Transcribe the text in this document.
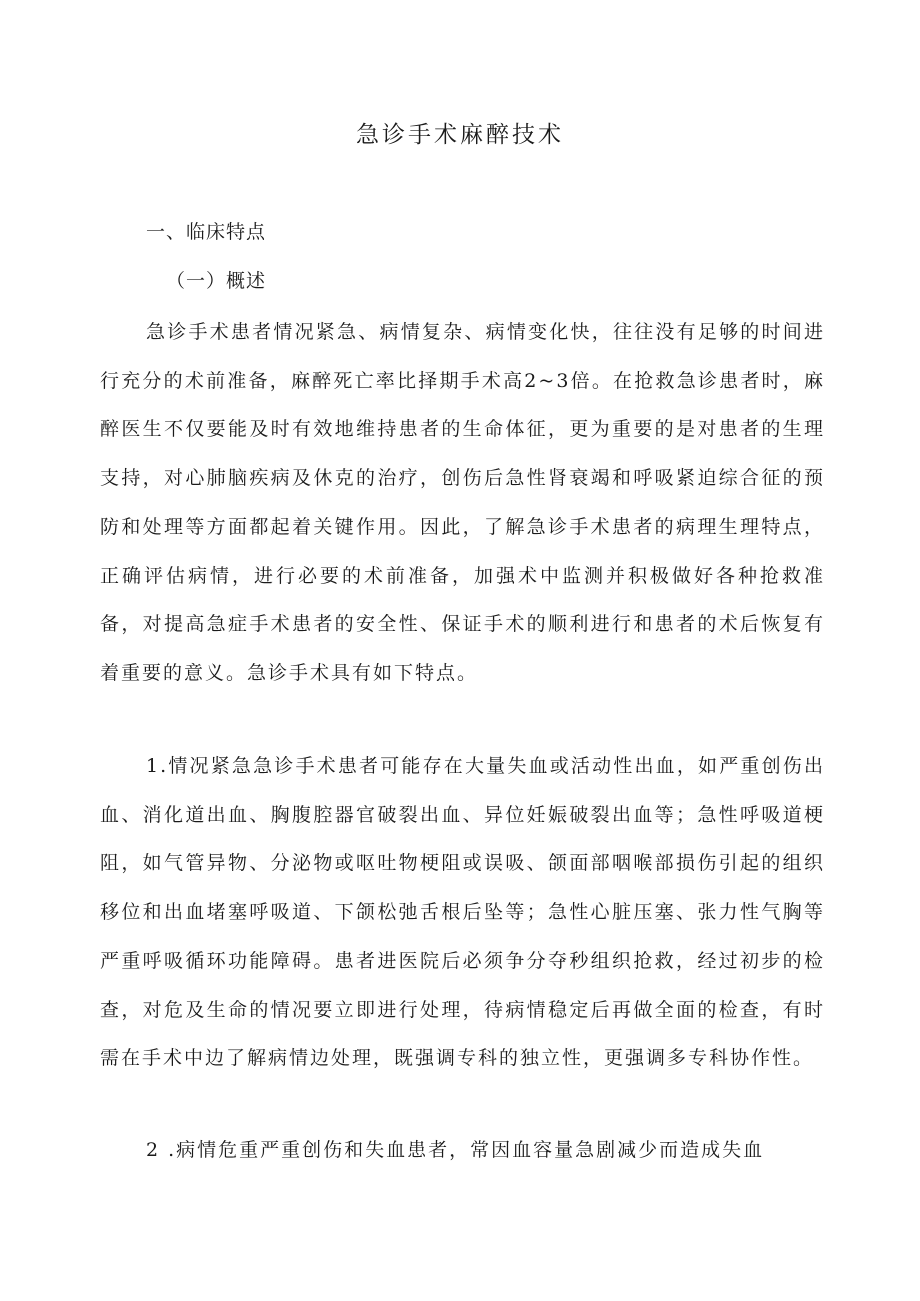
急诊手术麻醉技术
一、临床特点
（一）概述

急诊手术患者情况紧急、病情复杂、病情变化快，往往没有足够的时间进行充分的术前准备，麻醉死亡率比择期手术高2~3倍。在抢救急诊患者时，麻醉医生不仅要能及时有效地维持患者的生命体征，更为重要的是对患者的生理支持，对心肺脑疾病及休克的治疗，创伤后急性肾衰竭和呼吸紧迫综合征的预防和处理等方面都起着关键作用。因此，了解急诊手术患者的病理生理特点，正确评估病情，进行必要的术前准备，加强术中监测并积极做好各种抢救准备，对提高急症手术患者的安全性、保证手术的顺利进行和患者的术后恢复有着重要的意义。急诊手术具有如下特点。

1.情况紧急急诊手术患者可能存在大量失血或活动性出血，如严重创伤出血、消化道出血、胸腹腔器官破裂出血、异位妊娠破裂出血等；急性呼吸道梗阻，如气管异物、分泌物或呕吐物梗阻或误吸、颌面部咽喉部损伤引起的组织移位和出血堵塞呼吸道、下颌松弛舌根后坠等；急性心脏压塞、张力性气胸等严重呼吸循环功能障碍。患者进医院后必须争分夺秒组织抢救，经过初步的检查，对危及生命的情况要立即进行处理，待病情稳定后再做全面的检查，有时需在手术中边了解病情边处理，既强调专科的独立性，更强调多专科协作性。

2 .病情危重严重创伤和失血患者，常因血容量急剧减少而造成失血
